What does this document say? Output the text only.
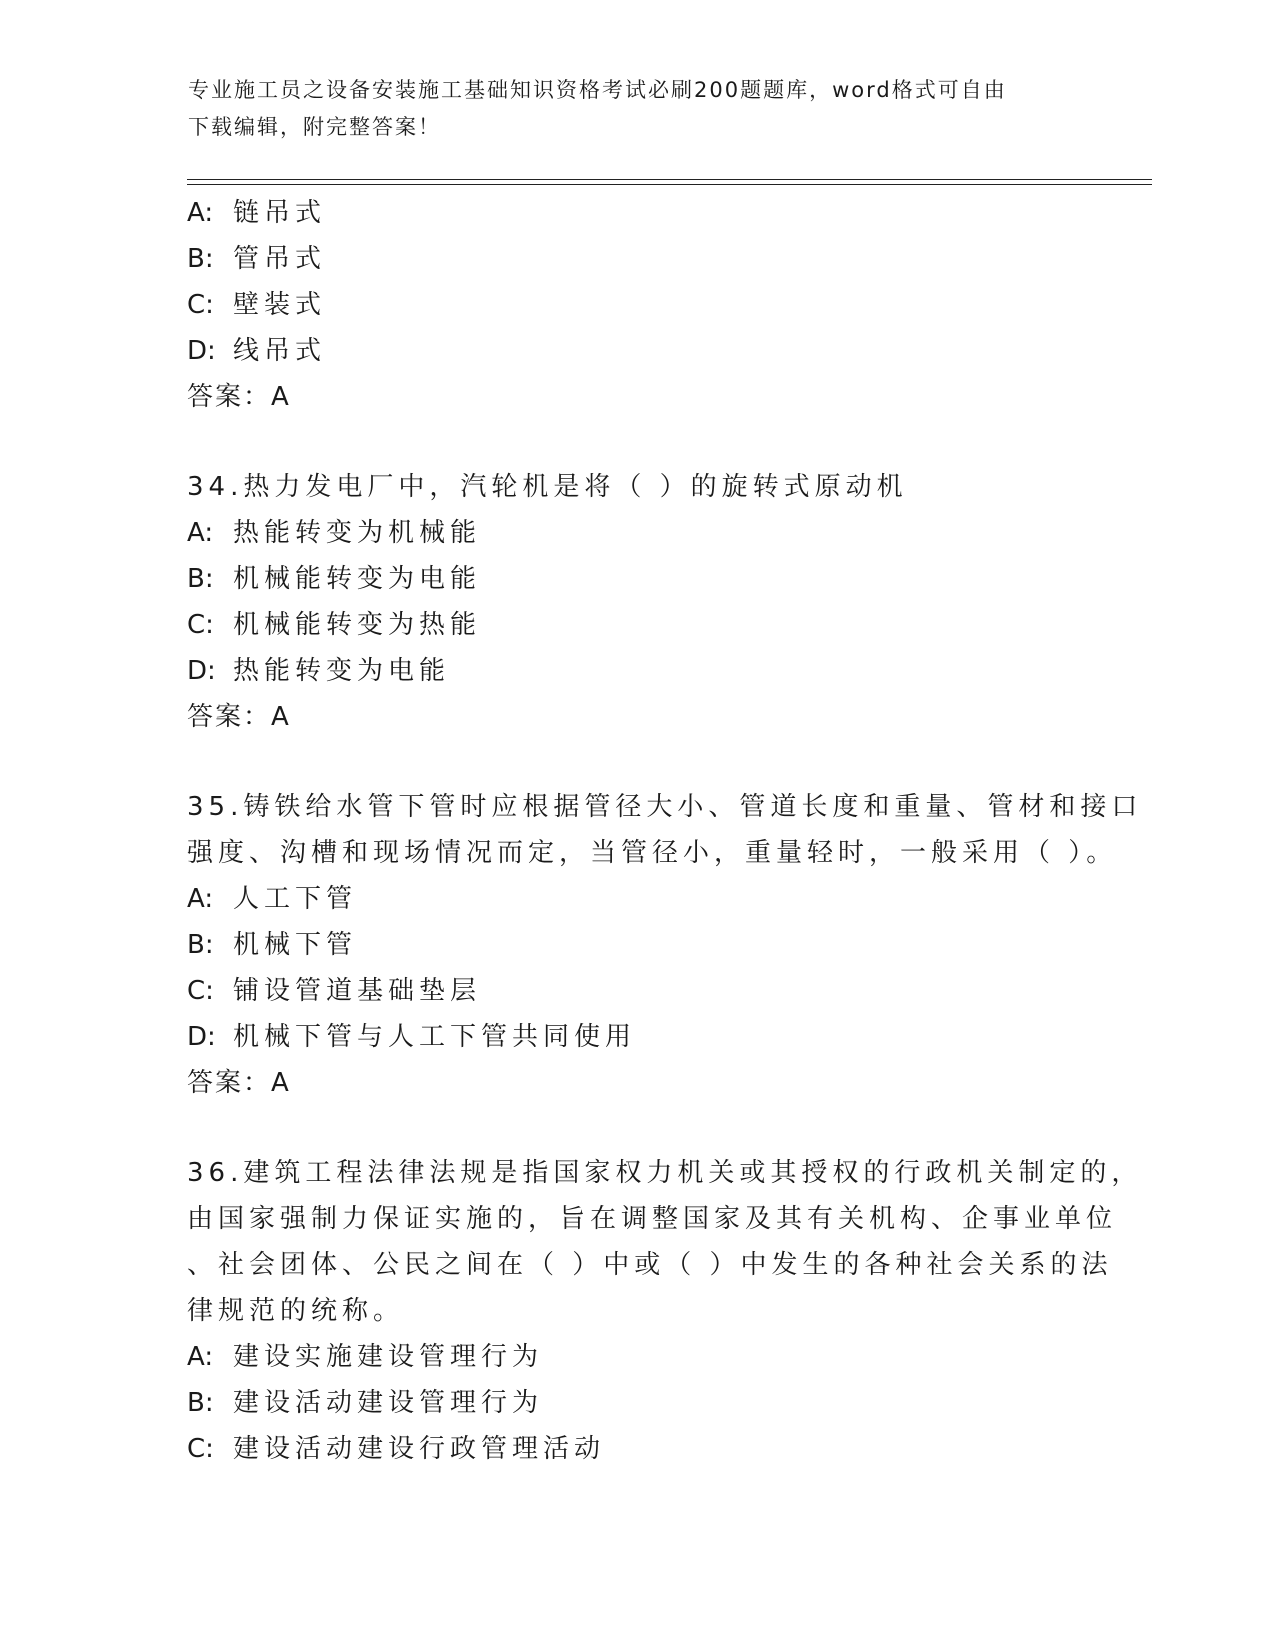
专业施工员之设备安装施工基础知识资格考试必刷200题题库，word格式可自由
下载编辑，附完整答案！
A: 链吊式
B: 管吊式
C: 壁装式
D: 线吊式
答案：A
34.热力发电厂中，汽轮机是将（ ）的旋转式原动机
A: 热能转变为机械能
B: 机械能转变为电能
C: 机械能转变为热能
D: 热能转变为电能
答案：A
35.铸铁给水管下管时应根据管径大小、管道长度和重量、管材和接口
强度、沟槽和现场情况而定，当管径小，重量轻时，一般采用（ ）。
A: 人工下管
B: 机械下管
C: 铺设管道基础垫层
D: 机械下管与人工下管共同使用
答案：A
36.建筑工程法律法规是指国家权力机关或其授权的行政机关制定的，
由国家强制力保证实施的，旨在调整国家及其有关机构、企事业单位
、社会团体、公民之间在（ ）中或（ ）中发生的各种社会关系的法
律规范的统称。
A: 建设实施建设管理行为
B: 建设活动建设管理行为
C: 建设活动建设行政管理活动
